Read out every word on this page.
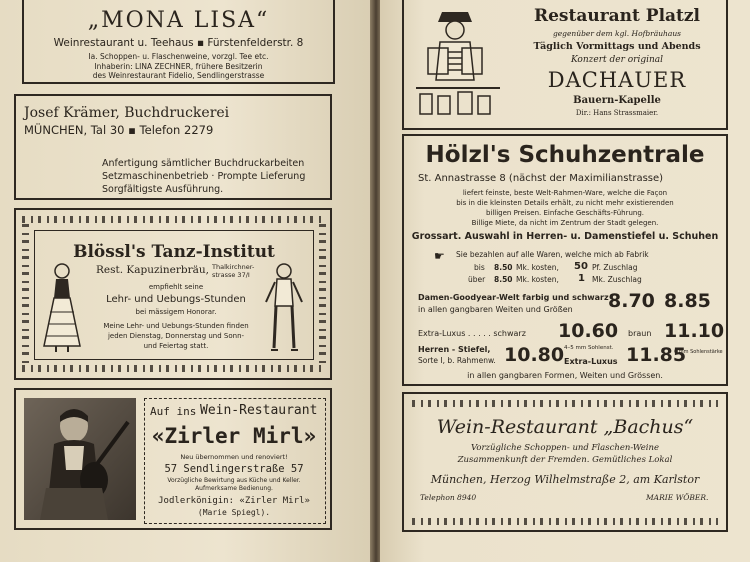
„MONA LISA“
Weinrestaurant u. Teehaus ▪ Fürstenfelderstr. 8
Ia. Schoppen- u. Flaschenweine, vorzgl. Tee etc.
Inhaberin: LINA ZECHNER, frühere Besitzerin
des Weinrestaurant Fidelio, Sendlingerstrasse
Josef Krämer, Buchdruckerei
MÜNCHEN, Tal 30 ▪ Telefon 2279
Anfertigung sämtlicher Buchdruckarbeiten
Setzmaschinenbetrieb · Prompte Lieferung
Sorgfältigste Ausführung.
Blössl's Tanz-Institut
Rest. Kapuzinerbräu, Thalkirchner-
strasse 37/I
empfiehlt seine
Lehr- und Uebungs-Stunden
bei mässigem Honorar.
Meine Lehr- und Uebungs-Stunden finden
jeden Dienstag, Donnerstag und Sonn-
und Feiertag statt.
Auf ins Wein-Restaurant
«Zirler Mirl»
Neu übernommen und renoviert!
57 Sendlingerstraße 57
Vorzügliche Bewirtung aus Küche und Keller.
Aufmerksame Bedienung.
Jodlerkönigin: «Zirler Mirl»
(Marie Spiegl).
Restaurant Platzl
gegenüber dem kgl. Hofbräuhaus
Täglich Vormittags und Abends
Konzert der original
DACHAUER
Bauern-Kapelle
Dir.: Hans Strassmaier.
Hölzl's Schuhzentrale
St. Annastrasse 8 (nächst der Maximilianstrasse)
liefert feinste, beste Welt-Rahmen-Ware, welche die Façon
bis in die kleinsten Details erhält, zu nicht mehr existierenden
billigen Preisen. Einfache Geschäfts-Führung.
Billige Miete, da nicht im Zentrum der Stadt gelegen.
Grossart. Auswahl in Herren- u. Damenstiefel u. Schuhen
☛ Sie bezahlen auf alle Waren, welche mich ab Fabrik
bis 8.50 Mk. kosten, 50 Pf. Zuschlag
über 8.50 Mk. kosten, 1 Mk. Zuschlag
Damen-Goodyear-Welt farbig und schwarz
in allen gangbaren Weiten und Größen 8.70 8.85
Extra-Luxus . . . . . schwarz 10.60 braun 11.10
Herren - Stiefel,
Sorte I, b. Rahmenw. 10.80 4–5 mm Sohlenst.
Extra-Luxus 11.85
6 mm Sohlenstärke
in allen gangbaren Formen, Weiten und Grössen.
Wein-Restaurant „Bachus“
Vorzügliche Schoppen- und Flaschen-Weine
Zusammenkunft der Fremden. Gemütliches Lokal
München, Herzog Wilhelmstraße 2, am Karlstor
Telephon 8940	MARIE WÖBER.
